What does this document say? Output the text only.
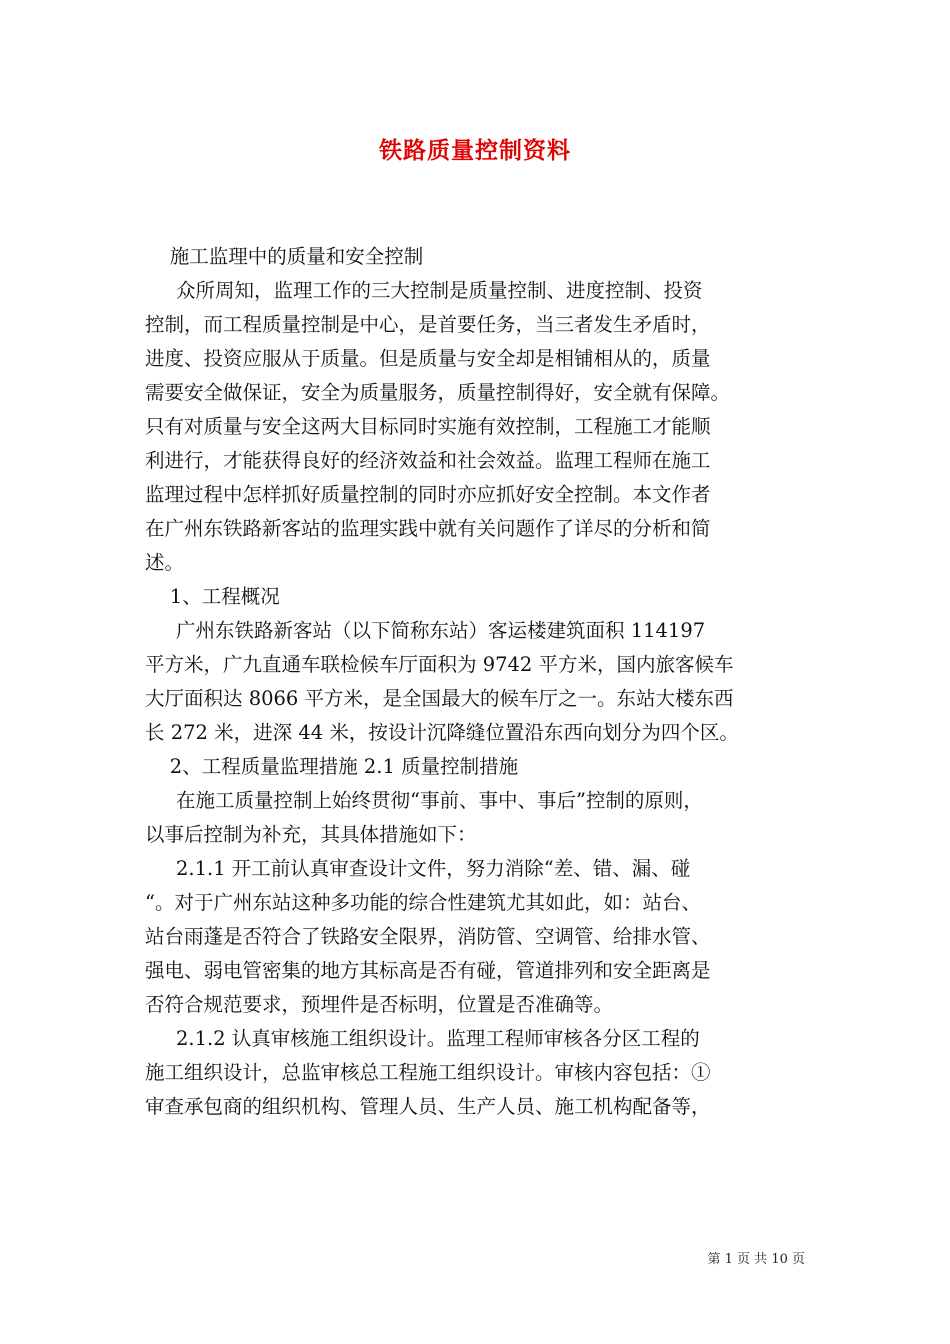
铁路质量控制资料
施工监理中的质量和安全控制
众所周知，监理工作的三大控制是质量控制、进度控制、投资
控制，而工程质量控制是中心，是首要任务，当三者发生矛盾时，
进度、投资应服从于质量。但是质量与安全却是相铺相从的，质量
需要安全做保证，安全为质量服务，质量控制得好，安全就有保障。
只有对质量与安全这两大目标同时实施有效控制，工程施工才能顺
利进行，才能获得良好的经济效益和社会效益。监理工程师在施工
监理过程中怎样抓好质量控制的同时亦应抓好安全控制。本文作者
在广州东铁路新客站的监理实践中就有关问题作了详尽的分析和简
述。
1、工程概况
广州东铁路新客站（以下简称东站）客运楼建筑面积 114197
平方米，广九直通车联检候车厅面积为 9742 平方米，国内旅客候车
大厅面积达 8066 平方米，是全国最大的候车厅之一。东站大楼东西
长 272 米，进深 44 米，按设计沉降缝位置沿东西向划分为四个区。
2、工程质量监理措施 2.1 质量控制措施
在施工质量控制上始终贯彻“事前、事中、事后”控制的原则，
以事后控制为补充，其具体措施如下：
2.1.1 开工前认真审查设计文件，努力消除“差、错、漏、碰
“。对于广州东站这种多功能的综合性建筑尤其如此，如：站台、
站台雨蓬是否符合了铁路安全限界，消防管、空调管、给排水管、
强电、弱电管密集的地方其标高是否有碰，管道排列和安全距离是
否符合规范要求，预埋件是否标明，位置是否准确等。
2.1.2 认真审核施工组织设计。监理工程师审核各分区工程的
施工组织设计，总监审核总工程施工组织设计。审核内容包括：①
审查承包商的组织机构、管理人员、生产人员、施工机构配备等，
第 1 页 共 10 页
